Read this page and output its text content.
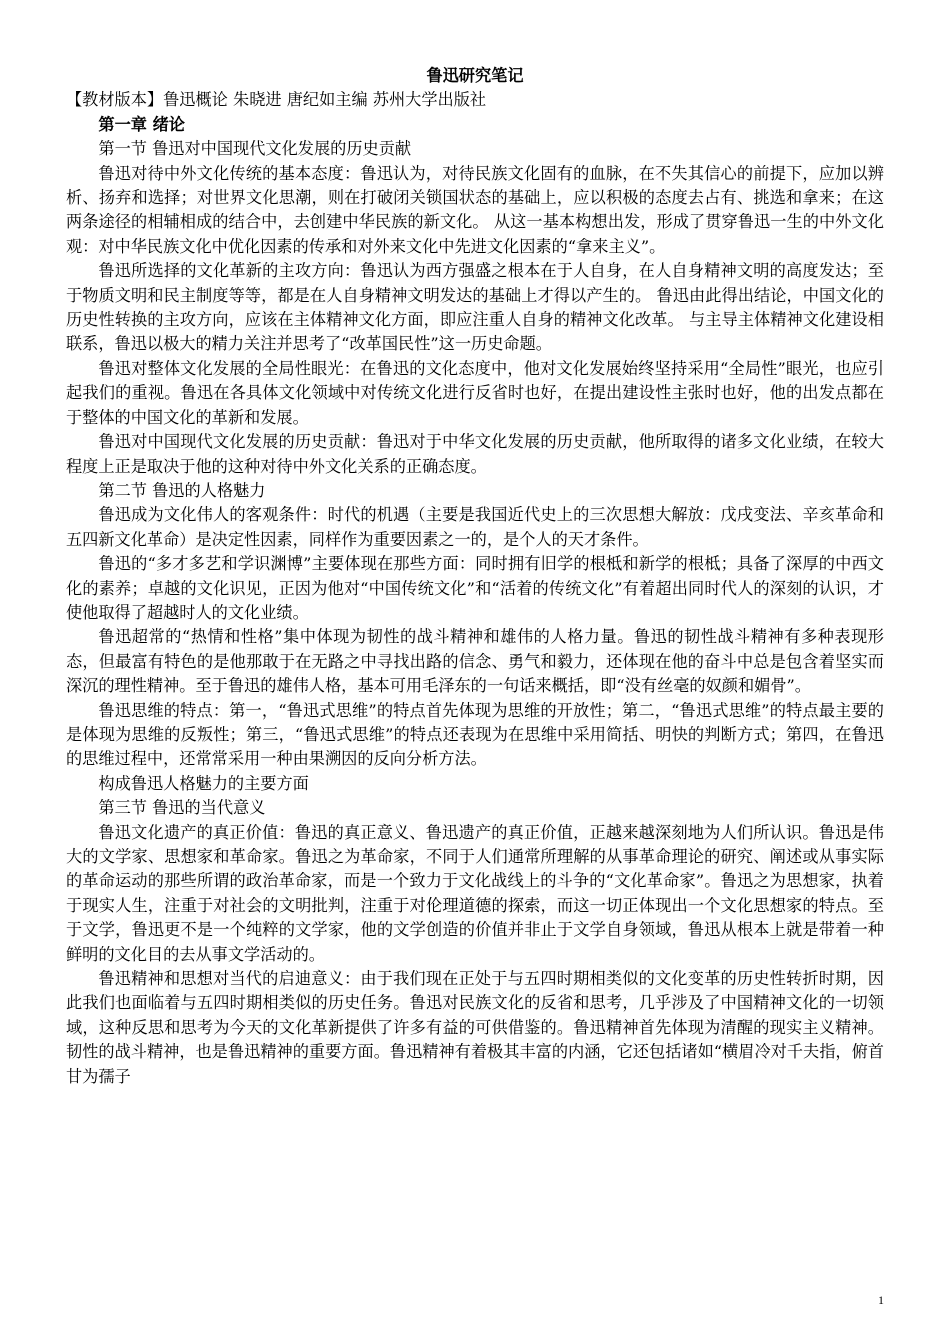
鲁迅研究笔记

【教材版本】鲁迅概论 朱晓进 唐纪如主编 苏州大学出版社

第一章 绪论

第一节 鲁迅对中国现代文化发展的历史贡献

鲁迅对待中外文化传统的基本态度：鲁迅认为，对待民族文化固有的血脉，在不失其信心的前提下，应加以辨析、扬弃和选择；对世界文化思潮，则在打破闭关锁国状态的基础上，应以积极的态度去占有、挑选和拿来；在这两条途径的相辅相成的结合中，去创建中华民族的新文化。 从这一基本构想出发，形成了贯穿鲁迅一生的中外文化观：对中华民族文化中优化因素的传承和对外来文化中先进文化因素的“拿来主义”。

鲁迅所选择的文化革新的主攻方向：鲁迅认为西方强盛之根本在于人自身，在人自身精神文明的高度发达；至于物质文明和民主制度等等，都是在人自身精神文明发达的基础上才得以产生的。 鲁迅由此得出结论，中国文化的历史性转换的主攻方向，应该在主体精神文化方面，即应注重人自身的精神文化改革。 与主导主体精神文化建设相联系，鲁迅以极大的精力关注并思考了“改革国民性”这一历史命题。

鲁迅对整体文化发展的全局性眼光：在鲁迅的文化态度中，他对文化发展始终坚持采用“全局性”眼光，也应引起我们的重视。鲁迅在各具体文化领域中对传统文化进行反省时也好，在提出建设性主张时也好，他的出发点都在于整体的中国文化的革新和发展。

鲁迅对中国现代文化发展的历史贡献：鲁迅对于中华文化发展的历史贡献，他所取得的诸多文化业绩，在较大程度上正是取决于他的这种对待中外文化关系的正确态度。

第二节 鲁迅的人格魅力

鲁迅成为文化伟人的客观条件：时代的机遇（主要是我国近代史上的三次思想大解放：戊戌变法、辛亥革命和五四新文化革命）是决定性因素，同样作为重要因素之一的，是个人的天才条件。

鲁迅的“多才多艺和学识渊博”主要体现在那些方面：同时拥有旧学的根柢和新学的根柢；具备了深厚的中西文化的素养；卓越的文化识见，正因为他对“中国传统文化”和“活着的传统文化”有着超出同时代人的深刻的认识，才使他取得了超越时人的文化业绩。

鲁迅超常的“热情和性格”集中体现为韧性的战斗精神和雄伟的人格力量。鲁迅的韧性战斗精神有多种表现形态，但最富有特色的是他那敢于在无路之中寻找出路的信念、勇气和毅力，还体现在他的奋斗中总是包含着坚实而深沉的理性精神。至于鲁迅的雄伟人格，基本可用毛泽东的一句话来概括，即“没有丝毫的奴颜和媚骨”。

鲁迅思维的特点：第一，“鲁迅式思维”的特点首先体现为思维的开放性；第二，“鲁迅式思维”的特点最主要的是体现为思维的反叛性；第三，“鲁迅式思维”的特点还表现为在思维中采用简括、明快的判断方式；第四，在鲁迅的思维过程中，还常常采用一种由果溯因的反向分析方法。

构成鲁迅人格魅力的主要方面

第三节 鲁迅的当代意义

鲁迅文化遗产的真正价值：鲁迅的真正意义、鲁迅遗产的真正价值，正越来越深刻地为人们所认识。鲁迅是伟大的文学家、思想家和革命家。鲁迅之为革命家，不同于人们通常所理解的从事革命理论的研究、阐述或从事实际的革命运动的那些所谓的政治革命家，而是一个致力于文化战线上的斗争的“文化革命家”。鲁迅之为思想家，执着于现实人生，注重于对社会的文明批判，注重于对伦理道德的探索，而这一切正体现出一个文化思想家的特点。至于文学，鲁迅更不是一个纯粹的文学家，他的文学创造的价值并非止于文学自身领域，鲁迅从根本上就是带着一种鲜明的文化目的去从事文学活动的。

鲁迅精神和思想对当代的启迪意义：由于我们现在正处于与五四时期相类似的文化变革的历史性转折时期，因此我们也面临着与五四时期相类似的历史任务。鲁迅对民族文化的反省和思考，几乎涉及了中国精神文化的一切领域，这种反思和思考为今天的文化革新提供了许多有益的可供借鉴的。鲁迅精神首先体现为清醒的现实主义精神。韧性的战斗精神，也是鲁迅精神的重要方面。鲁迅精神有着极其丰富的内涵，它还包括诸如“横眉冷对千夫指，俯首甘为孺子

1
